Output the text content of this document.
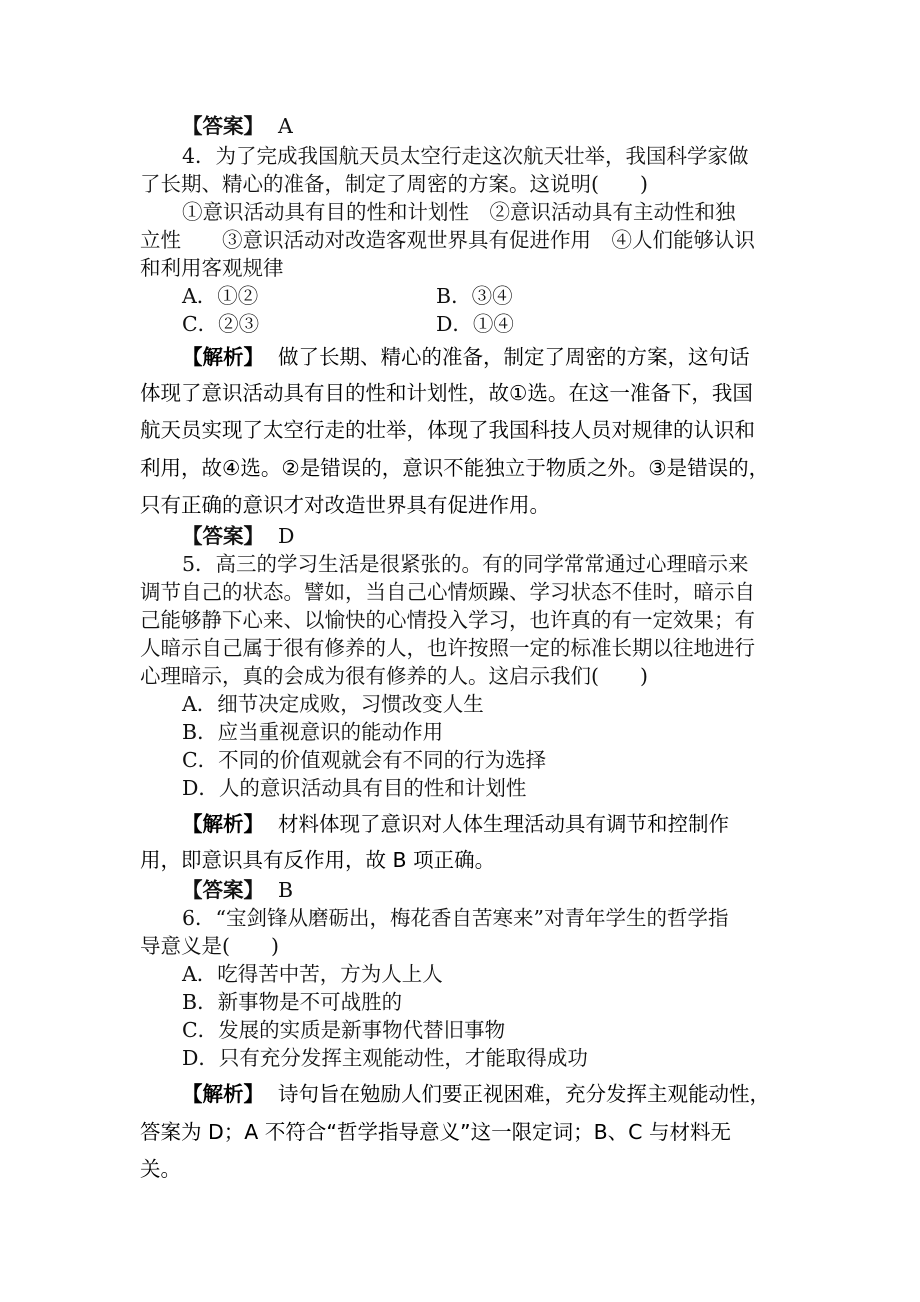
【答案】 A
4．为了完成我国航天员太空行走这次航天壮举，我国科学家做
了长期、精心的准备，制定了周密的方案。这说明(　　)
①意识活动具有目的性和计划性　②意识活动具有主动性和独
立性　　③意识活动对改造客观世界具有促进作用　④人们能够认识
和利用客观规律
A．①②	B．③④
C．②③	D．①④
【解析】 做了长期、精心的准备，制定了周密的方案，这句话
体现了意识活动具有目的性和计划性，故①选。在这一准备下，我国
航天员实现了太空行走的壮举，体现了我国科技人员对规律的认识和
利用，故④选。②是错误的，意识不能独立于物质之外。③是错误的，
只有正确的意识才对改造世界具有促进作用。
【答案】 D
5．高三的学习生活是很紧张的。有的同学常常通过心理暗示来
调节自己的状态。譬如，当自己心情烦躁、学习状态不佳时，暗示自
己能够静下心来、以愉快的心情投入学习，也许真的有一定效果；有
人暗示自己属于很有修养的人，也许按照一定的标准长期以往地进行
心理暗示，真的会成为很有修养的人。这启示我们(　　)
A．细节决定成败，习惯改变人生
B．应当重视意识的能动作用
C．不同的价值观就会有不同的行为选择
D．人的意识活动具有目的性和计划性
【解析】 材料体现了意识对人体生理活动具有调节和控制作
用，即意识具有反作用，故 B 项正确。
【答案】 B
6．“宝剑锋从磨砺出，梅花香自苦寒来”对青年学生的哲学指
导意义是(　　)
A．吃得苦中苦，方为人上人
B．新事物是不可战胜的
C．发展的实质是新事物代替旧事物
D．只有充分发挥主观能动性，才能取得成功
【解析】 诗句旨在勉励人们要正视困难，充分发挥主观能动性，
答案为 D；A 不符合“哲学指导意义”这一限定词；B、C 与材料无
关。
